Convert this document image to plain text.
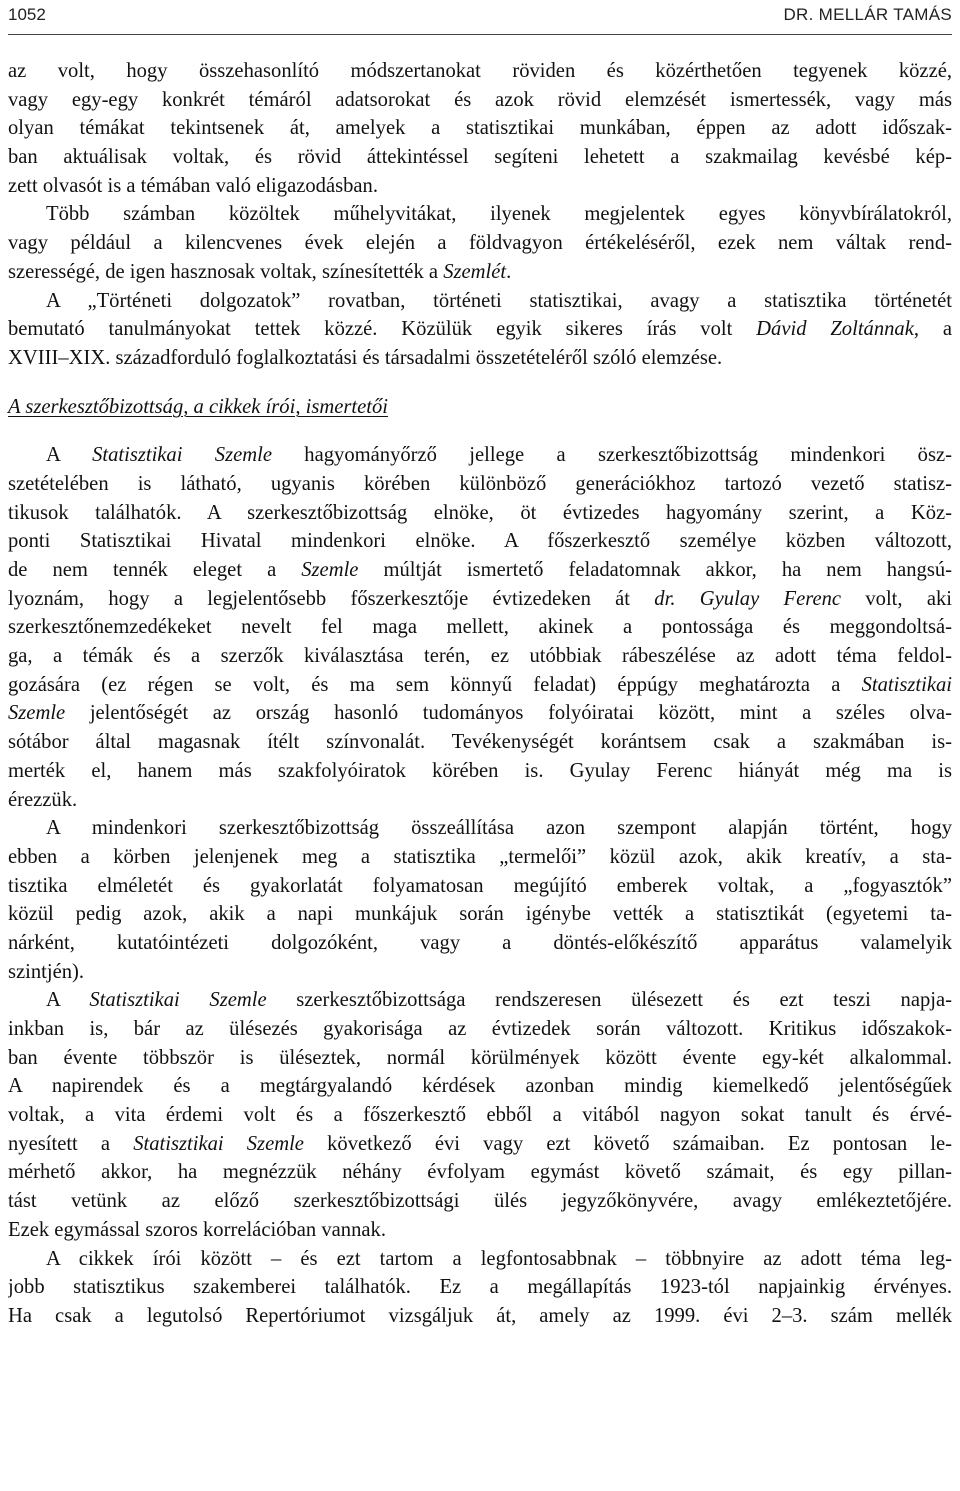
1052	DR. MELLÁR TAMÁS
az volt, hogy összehasonlító módszertanokat röviden és közérthetően tegyenek közzé,
vagy egy-egy konkrét témáról adatsorokat és azok rövid elemzését ismertessék, vagy más
olyan témákat tekintsenek át, amelyek a statisztikai munkában, éppen az adott időszak-
ban aktuálisak voltak, és rövid áttekintéssel segíteni lehetett a szakmailag kevésbé kép-
zett olvasót is a témában való eligazodásban.
Több számban közöltek műhelyvitákat, ilyenek megjelentek egyes könyvbírálatokról,
vagy például a kilencvenes évek elején a földvagyon értékeléséről, ezek nem váltak rend-
szerességé, de igen hasznosak voltak, színesítették a Szemlét.
A „Történeti dolgozatok” rovatban, történeti statisztikai, avagy a statisztika történetét
bemutató tanulmányokat tettek közzé. Közülük egyik sikeres írás volt Dávid Zoltánnak, a
XVIII–XIX. századforduló foglalkoztatási és társadalmi összetételéről szóló elemzése.
A szerkesztőbizottság, a cikkek írói, ismertetői
A Statisztikai Szemle hagyományőrző jellege a szerkesztőbizottság mindenkori ösz-
szetételében is látható, ugyanis körében különböző generációkhoz tartozó vezető statisz-
tikusok találhatók. A szerkesztőbizottság elnöke, öt évtizedes hagyomány szerint, a Köz-
ponti Statisztikai Hivatal mindenkori elnöke. A főszerkesztő személye közben változott,
de nem tennék eleget a Szemle múltját ismertető feladatomnak akkor, ha nem hangsú-
lyoznám, hogy a legjelentősebb főszerkesztője évtizedeken át dr. Gyulay Ferenc volt, aki
szerkesztőnemzedékeket nevelt fel maga mellett, akinek a pontossága és meggondoltsá-
ga, a témák és a szerzők kiválasztása terén, ez utóbbiak rábeszélése az adott téma feldol-
gozására (ez régen se volt, és ma sem könnyű feladat) éppúgy meghatározta a Statisztikai
Szemle jelentőségét az ország hasonló tudományos folyóiratai között, mint a széles olva-
sótábor által magasnak ítélt színvonalát. Tevékenységét korántsem csak a szakmában is-
merték el, hanem más szakfolyóiratok körében is. Gyulay Ferenc hiányát még ma is
érezzük.
A mindenkori szerkesztőbizottság összeállítása azon szempont alapján történt, hogy
ebben a körben jelenjenek meg a statisztika „termelői” közül azok, akik kreatív, a sta-
tisztika elméletét és gyakorlatát folyamatosan megújító emberek voltak, a „fogyasztók”
közül pedig azok, akik a napi munkájuk során igénybe vették a statisztikát (egyetemi ta-
nárként, kutatóintézeti dolgozóként, vagy a döntés-előkészítő apparátus valamelyik
szintjén).
A Statisztikai Szemle szerkesztőbizottsága rendszeresen ülésezett és ezt teszi napja-
inkban is, bár az ülésezés gyakorisága az évtizedek során változott. Kritikus időszakok-
ban évente többször is üléseztek, normál körülmények között évente egy-két alkalommal.
A napirendek és a megtárgyalandó kérdések azonban mindig kiemelkedő jelentőségűek
voltak, a vita érdemi volt és a főszerkesztő ebből a vitából nagyon sokat tanult és érvé-
nyesített a Statisztikai Szemle következő évi vagy ezt követő számaiban. Ez pontosan le-
mérhető akkor, ha megnézzük néhány évfolyam egymást követő számait, és egy pillan-
tást vetünk az előző szerkesztőbizottsági ülés jegyzőkönyvére, avagy emlékeztetőjére.
Ezek egymással szoros korrelációban vannak.
A cikkek írói között – és ezt tartom a legfontosabbnak – többnyire az adott téma leg-
jobb statisztikus szakemberei találhatók. Ez a megállapítás 1923-tól napjainkig érvényes.
Ha csak a legutolsó Repertóriumot vizsgáljuk át, amely az 1999. évi 2–3. szám mellék
